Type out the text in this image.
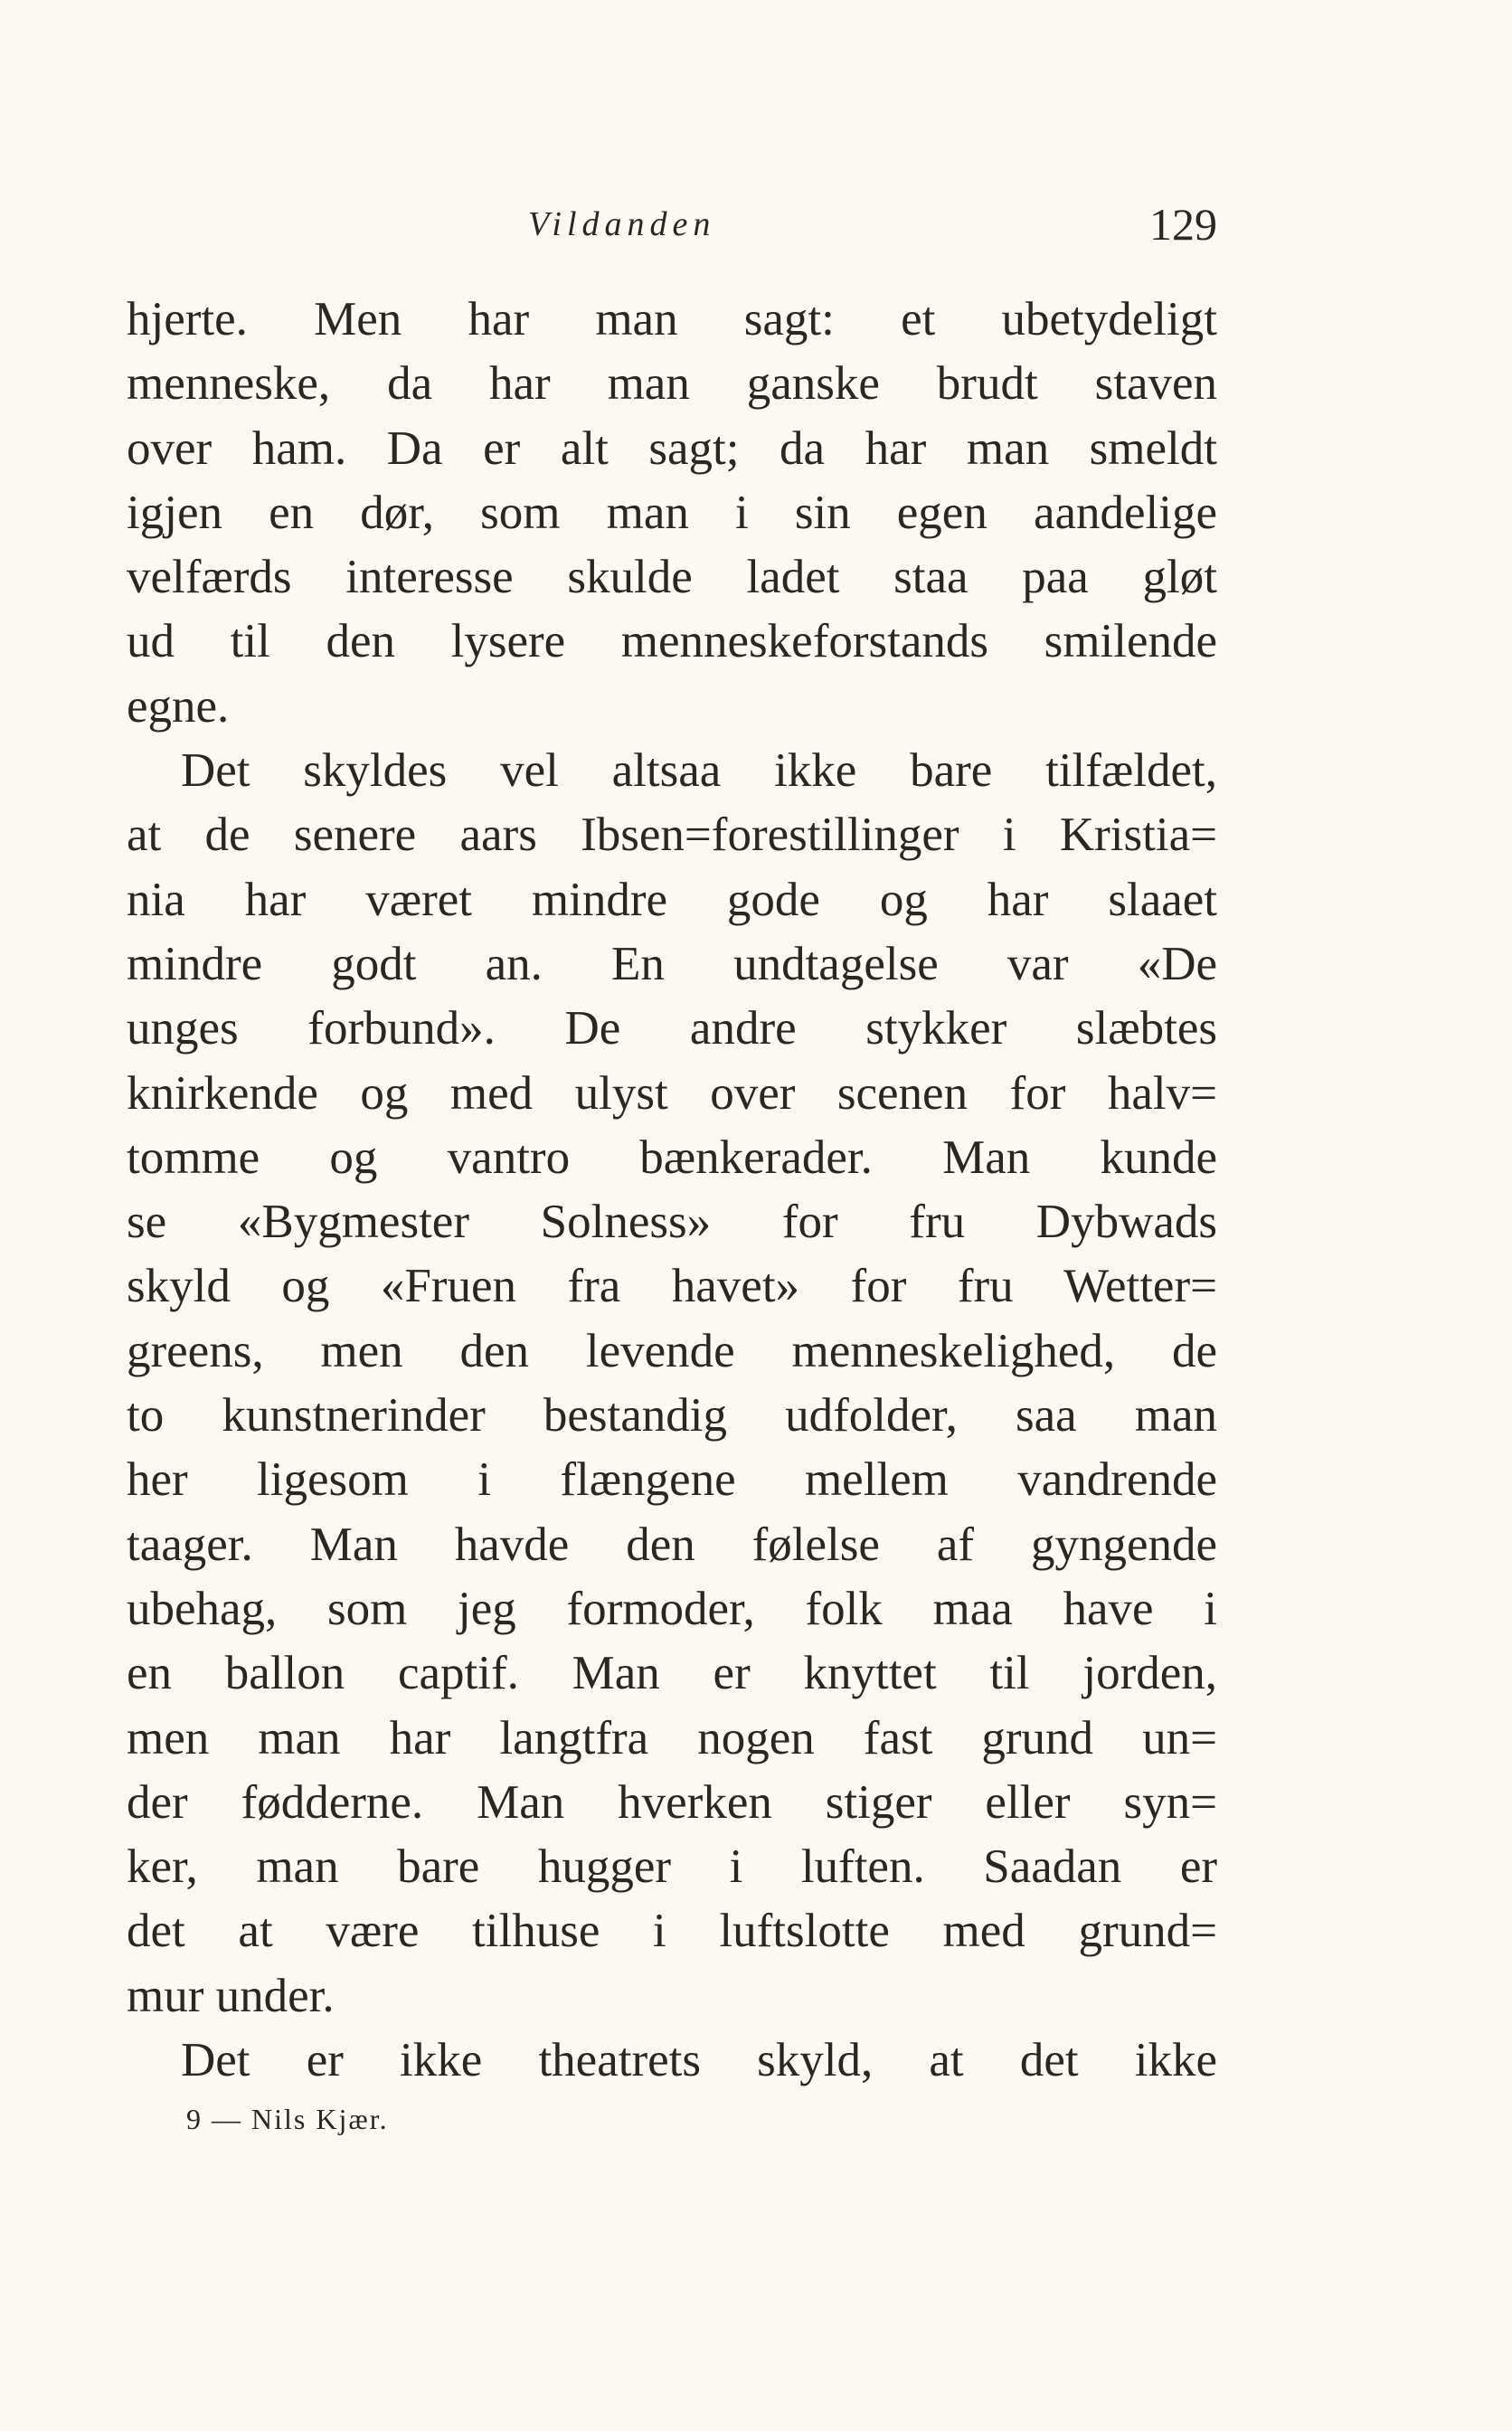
Vildanden	129
hjerte. Men har man sagt: et ubetydeligt
menneske, da har man ganske brudt staven
over ham. Da er alt sagt; da har man smeldt
igjen en dør, som man i sin egen aandelige
velfærds interesse skulde ladet staa paa gløt
ud til den lysere menneskeforstands smilende
egne.
Det skyldes vel altsaa ikke bare tilfældet,
at de senere aars Ibsen=forestillinger i Kristia=
nia har været mindre gode og har slaaet
mindre godt an. En undtagelse var «De
unges forbund». De andre stykker slæbtes
knirkende og med ulyst over scenen for halv=
tomme og vantro bænkerader. Man kunde
se «Bygmester Solness» for fru Dybwads
skyld og «Fruen fra havet» for fru Wetter=
greens, men den levende menneskelighed, de
to kunstnerinder bestandig udfolder, saa man
her ligesom i flængene mellem vandrende
taager. Man havde den følelse af gyngende
ubehag, som jeg formoder, folk maa have i
en ballon captif. Man er knyttet til jorden,
men man har langtfra nogen fast grund un=
der fødderne. Man hverken stiger eller syn=
ker, man bare hugger i luften. Saadan er
det at være tilhuse i luftslotte med grund=
mur under.
Det er ikke theatrets skyld, at det ikke
9 — Nils Kjær.
